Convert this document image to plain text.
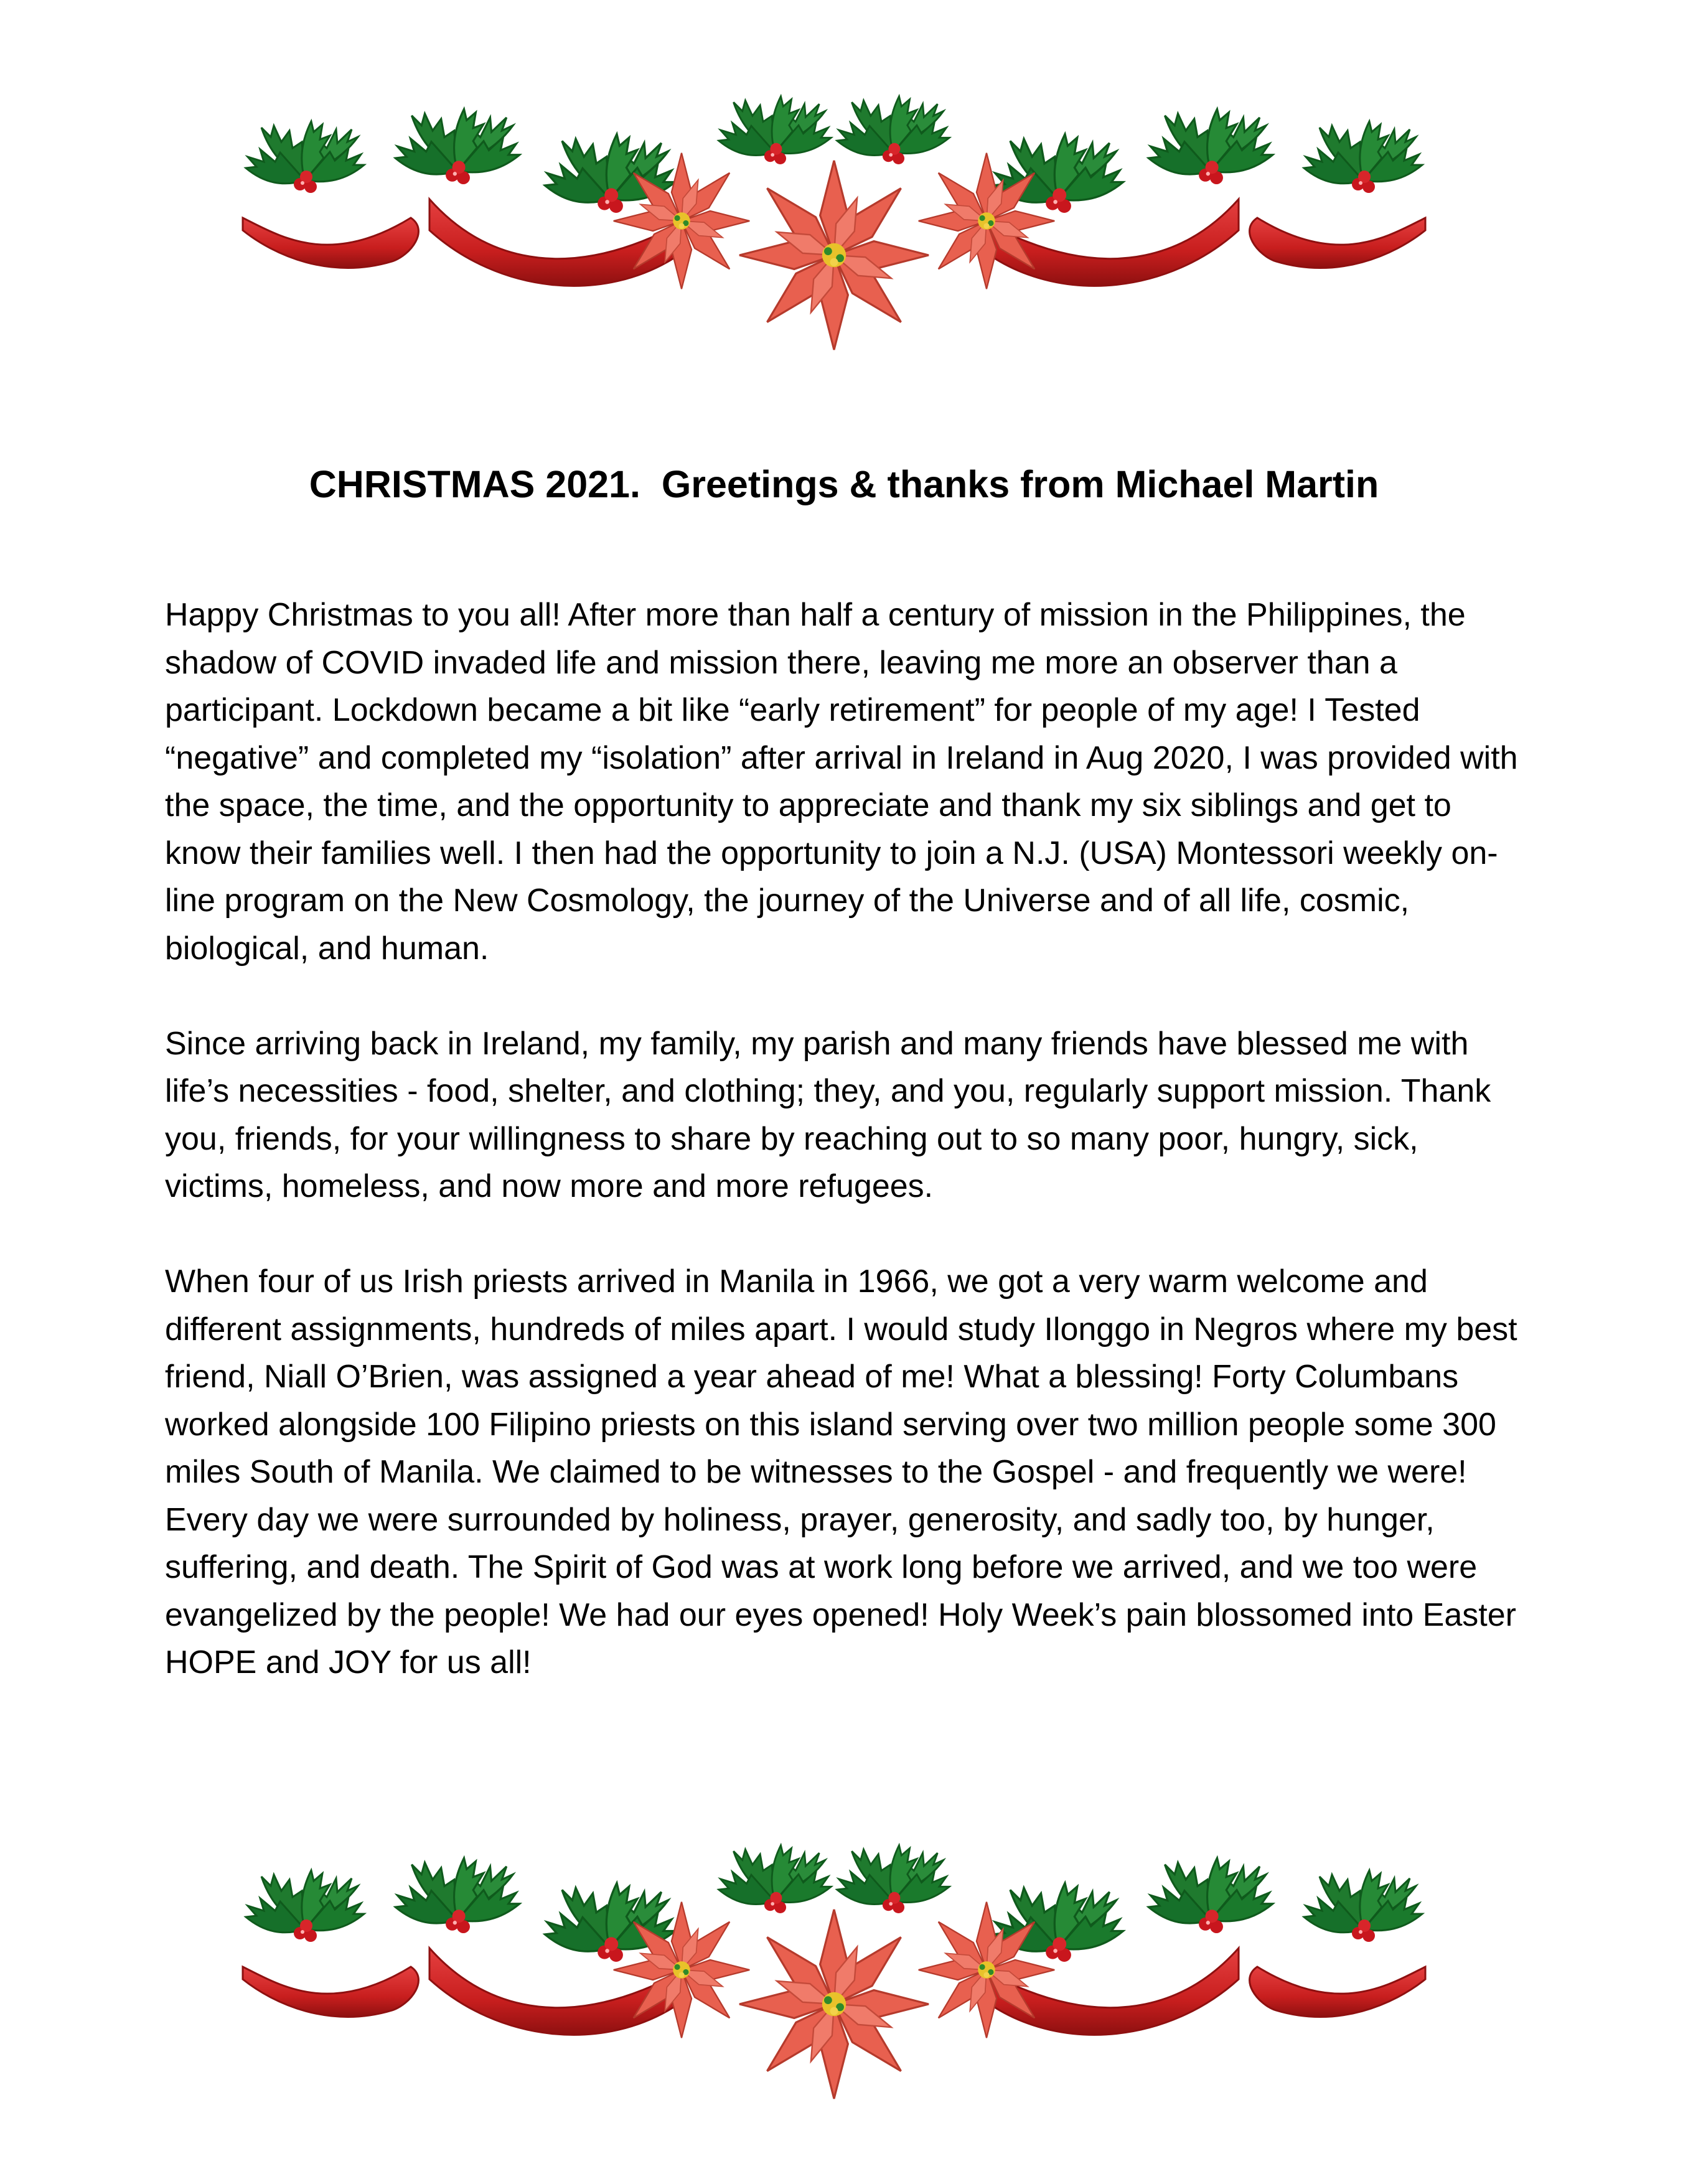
CHRISTMAS 2021.  Greetings & thanks from Michael Martin

Happy Christmas to you all! After more than half a century of mission in the Philippines, the shadow of COVID invaded life and mission there, leaving me more an observer than a participant. Lockdown became a bit like “early retirement” for people of my age! I Tested “negative” and completed my “isolation” after arrival in Ireland in Aug 2020, I was provided with the space, the time, and the opportunity to appreciate and thank my six siblings and get to know their families well. I then had the opportunity to join a N.J. (USA) Montessori weekly on-line program on the New Cosmology, the journey of the Universe and of all life, cosmic, biological, and human.

Since arriving back in Ireland, my family, my parish and many friends have blessed me with life’s necessities - food, shelter, and clothing; they, and you, regularly support mission. Thank you, friends, for your willingness to share by reaching out to so many poor, hungry, sick, victims, homeless, and now more and more refugees.

When four of us Irish priests arrived in Manila in 1966, we got a very warm welcome and different assignments, hundreds of miles apart. I would study Ilonggo in Negros where my best friend, Niall O’Brien, was assigned a year ahead of me! What a blessing! Forty Columbans worked alongside 100 Filipino priests on this island serving over two million people some 300 miles South of Manila. We claimed to be witnesses to the Gospel - and frequently we were! Every day we were surrounded by holiness, prayer, generosity, and sadly too, by hunger, suffering, and death. The Spirit of God was at work long before we arrived, and we too were evangelized by the people! We had our eyes opened! Holy Week’s pain blossomed into Easter HOPE and JOY for us all!
